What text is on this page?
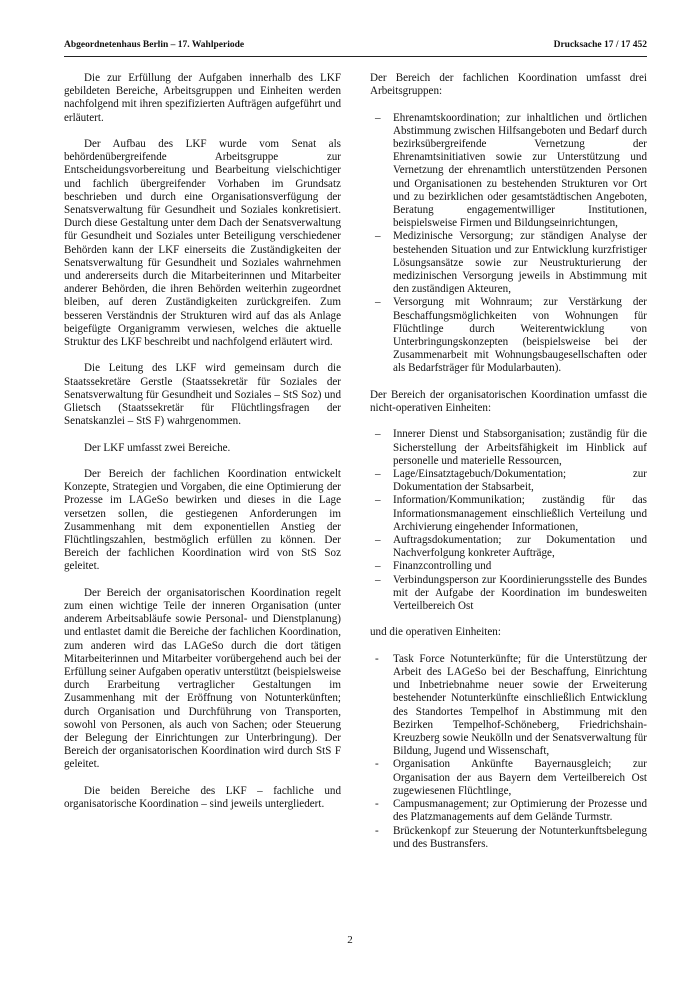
Abgeordnetenhaus Berlin – 17. Wahlperiode	Drucksache 17 / 17 452

Die zur Erfüllung der Aufgaben innerhalb des LKF gebildeten Bereiche, Arbeitsgruppen und Einheiten werden nachfolgend mit ihren spezifizierten Aufträgen aufgeführt und erläutert.

Der Aufbau des LKF wurde vom Senat als behördenübergreifende Arbeitsgruppe zur Entscheidungsvorbereitung und Bearbeitung vielschichtiger und fachlich übergreifender Vorhaben im Grundsatz beschrieben und durch eine Organisationsverfügung der Senatsverwaltung für Gesundheit und Soziales konkretisiert. Durch diese Gestaltung unter dem Dach der Senatsverwaltung für Gesundheit und Soziales unter Beteiligung verschiedener Behörden kann der LKF einerseits die Zuständigkeiten der Senatsverwaltung für Gesundheit und Soziales wahrnehmen und andererseits durch die Mitarbeiterinnen und Mitarbeiter anderer Behörden, die ihren Behörden weiterhin zugeordnet bleiben, auf deren Zuständigkeiten zurückgreifen. Zum besseren Verständnis der Strukturen wird auf das als Anlage beigefügte Organigramm verwiesen, welches die aktuelle Struktur des LKF beschreibt und nachfolgend erläutert wird.

Die Leitung des LKF wird gemeinsam durch die Staatssekretäre Gerstle (Staatssekretär für Soziales der Senatsverwaltung für Gesundheit und Soziales – StS Soz) und Glietsch (Staatssekretär für Flüchtlingsfragen der Senatskanzlei – StS F) wahrgenommen.

Der LKF umfasst zwei Bereiche.

Der Bereich der fachlichen Koordination entwickelt Konzepte, Strategien und Vorgaben, die eine Optimierung der Prozesse im LAGeSo bewirken und dieses in die Lage versetzen sollen, die gestiegenen Anforderungen im Zusammenhang mit dem exponentiellen Anstieg der Flüchtlingszahlen, bestmöglich erfüllen zu können. Der Bereich der fachlichen Koordination wird von StS Soz geleitet.

Der Bereich der organisatorischen Koordination regelt zum einen wichtige Teile der inneren Organisation (unter anderem Arbeitsabläufe sowie Personal- und Dienstplanung) und entlastet damit die Bereiche der fachlichen Koordination, zum anderen wird das LAGeSo durch die dort tätigen Mitarbeiterinnen und Mitarbeiter vorübergehend auch bei der Erfüllung seiner Aufgaben operativ unterstützt (beispielsweise durch Erarbeitung vertraglicher Gestaltungen im Zusammenhang mit der Eröffnung von Notunterkünften; durch Organisation und Durchführung von Transporten, sowohl von Personen, als auch von Sachen; oder Steuerung der Belegung der Einrichtungen zur Unterbringung). Der Bereich der organisatorischen Koordination wird durch StS F geleitet.

Die beiden Bereiche des LKF – fachliche und organisatorische Koordination – sind jeweils untergliedert.

Der Bereich der fachlichen Koordination umfasst drei Arbeitsgruppen:

– Ehrenamtskoordination; zur inhaltlichen und örtlichen Abstimmung zwischen Hilfsangeboten und Bedarf durch bezirksübergreifende Vernetzung der Ehrenamtsinitiativen sowie zur Unterstützung und Vernetzung der ehrenamtlich unterstützenden Personen und Organisationen zu bestehenden Strukturen vor Ort und zu bezirklichen oder gesamtstädtischen Angeboten, Beratung engagementwilliger Institutionen, beispielsweise Firmen und Bildungseinrichtungen,
– Medizinische Versorgung; zur ständigen Analyse der bestehenden Situation und zur Entwicklung kurzfristiger Lösungsansätze sowie zur Neustrukturierung der medizinischen Versorgung jeweils in Abstimmung mit den zuständigen Akteuren,
– Versorgung mit Wohnraum; zur Verstärkung der Beschaffungsmöglichkeiten von Wohnungen für Flüchtlinge durch Weiterentwicklung von Unterbringungskonzepten (beispielsweise bei der Zusammenarbeit mit Wohnungsbaugesellschaften oder als Bedarfsträger für Modularbauten).

Der Bereich der organisatorischen Koordination umfasst die nicht-operativen Einheiten:

– Innerer Dienst und Stabsorganisation; zuständig für die Sicherstellung der Arbeitsfähigkeit im Hinblick auf personelle und materielle Ressourcen,
– Lage/Einsatztagebuch/Dokumentation; zur Dokumentation der Stabsarbeit,
– Information/Kommunikation; zuständig für das Informationsmanagement einschließlich Verteilung und Archivierung eingehender Informationen,
– Auftragsdokumentation; zur Dokumentation und Nachverfolgung konkreter Aufträge,
– Finanzcontrolling und
– Verbindungsperson zur Koordinierungsstelle des Bundes mit der Aufgabe der Koordination im bundesweiten Verteilbereich Ost

und die operativen Einheiten:

- Task Force Notunterkünfte; für die Unterstützung der Arbeit des LAGeSo bei der Beschaffung, Einrichtung und Inbetriebnahme neuer sowie der Erweiterung bestehender Notunterkünfte einschließlich Entwicklung des Standortes Tempelhof in Abstimmung mit den Bezirken Tempelhof-Schöneberg, Friedrichshain-Kreuzberg sowie Neukölln und der Senatsverwaltung für Bildung, Jugend und Wissenschaft,
- Organisation Ankünfte Bayernausgleich; zur Organisation der aus Bayern dem Verteilbereich Ost zugewiesenen Flüchtlinge,
- Campusmanagement; zur Optimierung der Prozesse und des Platzmanagements auf dem Gelände Turmstr.
- Brückenkopf zur Steuerung der Notunterkunftsbelegung und des Bustransfers.
2
